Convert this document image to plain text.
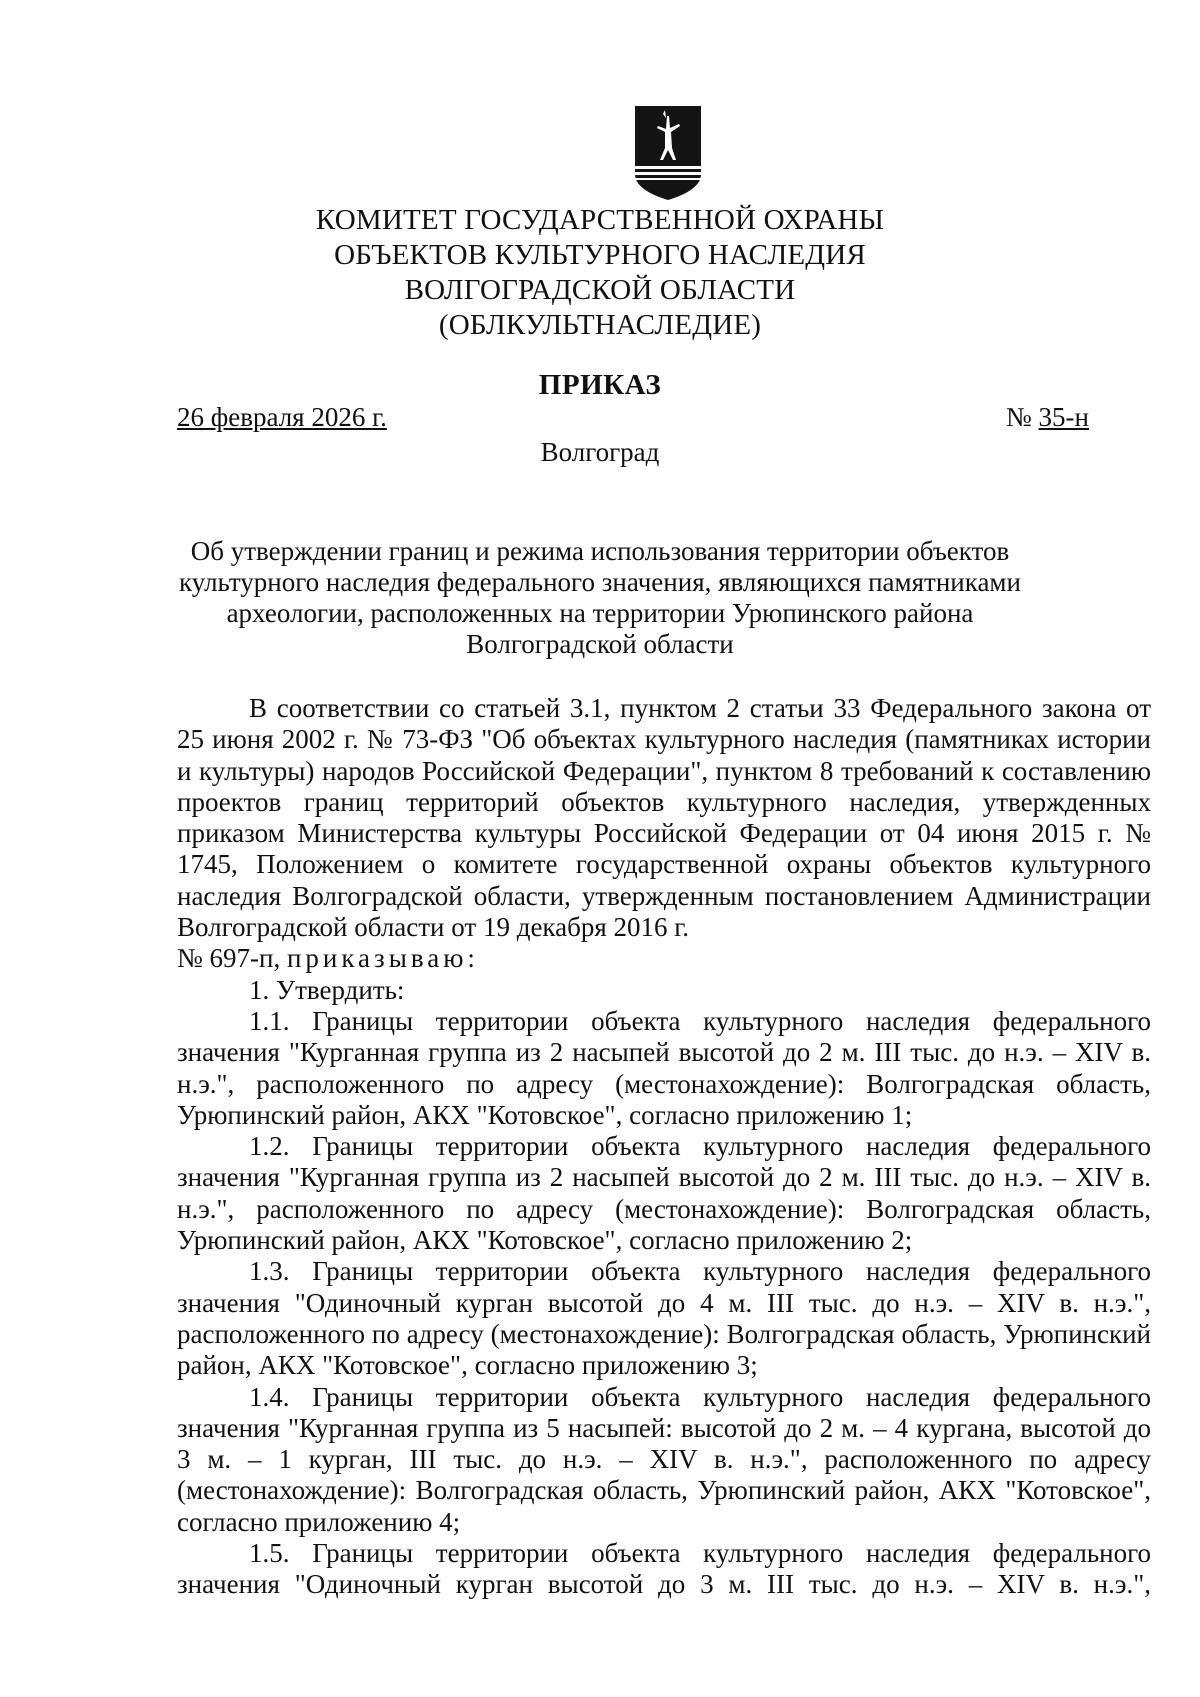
КОМИТЕТ ГОСУДАРСТВЕННОЙ ОХРАНЫ
ОБЪЕКТОВ КУЛЬТУРНОГО НАСЛЕДИЯ
ВОЛГОГРАДСКОЙ ОБЛАСТИ
(ОБЛКУЛЬТНАСЛЕДИЕ)
ПРИКАЗ
26 февраля 2026 г.	№ 35-н
Волгоград
Об утверждении границ и режима использования территории объектов
культурного наследия федерального значения, являющихся памятниками
археологии, расположенных на территории Урюпинского района
Волгоградской области

В соответствии со статьей 3.1, пунктом 2 статьи 33 Федерального закона от 25 июня 2002 г. № 73-ФЗ "Об объектах культурного наследия (памятниках истории и культуры) народов Российской Федерации", пунктом 8 требований к составлению проектов границ территорий объектов культурного наследия, утвержденных приказом Министерства культуры Российской Федерации от 04 июня 2015 г. № 1745, Положением о комитете государственной охраны объектов культурного наследия Волгоградской области, утвержденным постановлением Администрации Волгоградской области от 19 декабря 2016 г.

№ 697-п, приказываю:

1. Утвердить:

1.1. Границы территории объекта культурного наследия федерального значения "Курганная группа из 2 насыпей высотой до 2 м. III тыс. до н.э. – XIV в. н.э.", расположенного по адресу (местонахождение): Волгоградская область, Урюпинский район, АКХ "Котовское", согласно приложению 1;

1.2. Границы территории объекта культурного наследия федерального значения "Курганная группа из 2 насыпей высотой до 2 м. III тыс. до н.э. – XIV в. н.э.", расположенного по адресу (местонахождение): Волгоградская область, Урюпинский район, АКХ "Котовское", согласно приложению 2;

1.3. Границы территории объекта культурного наследия федерального значения "Одиночный курган высотой до 4 м. III тыс. до н.э. – XIV в. н.э.", расположенного по адресу (местонахождение): Волгоградская область, Урюпинский район, АКХ "Котовское", согласно приложению 3;

1.4. Границы территории объекта культурного наследия федерального значения "Курганная группа из 5 насыпей: высотой до 2 м. – 4 кургана, высотой до 3 м. – 1 курган, III тыс. до н.э. – XIV в. н.э.", расположенного по адресу (местонахождение): Волгоградская область, Урюпинский район, АКХ "Котовское", согласно приложению 4;

1.5. Границы территории объекта культурного наследия федерального значения "Одиночный курган высотой до 3 м. III тыс. до н.э. – XIV в. н.э.",
